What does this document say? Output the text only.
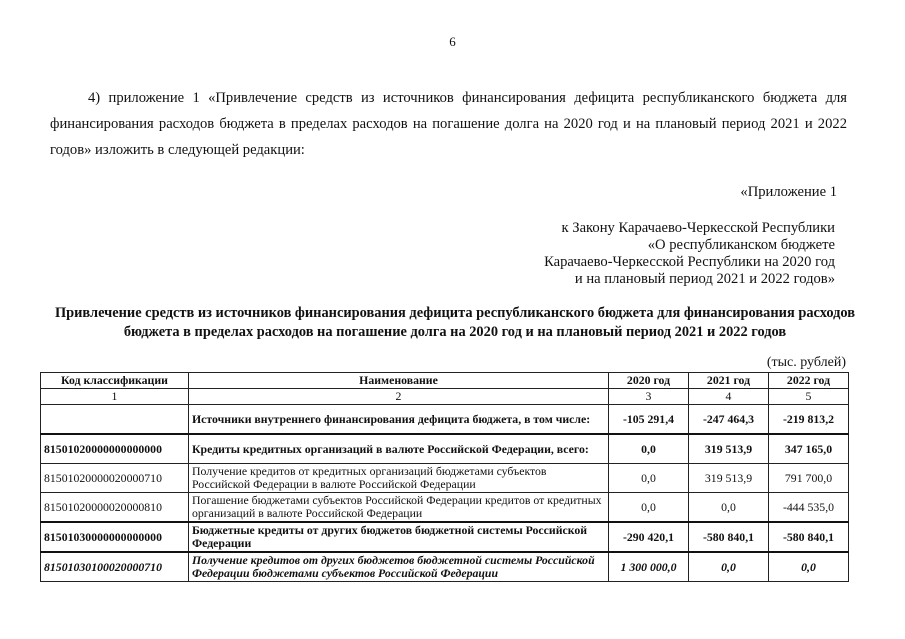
6

4) приложение 1 «Привлечение средств из источников финансирования дефицита республиканского бюджета для финансирования расходов бюджета в пределах расходов на погашение долга на 2020 год и на плановый период 2021 и 2022 годов» изложить в следующей редакции:

«Приложение 1
к Закону Карачаево-Черкесской Республики
«О республиканском бюджете
Карачаево-Черкесской Республики на 2020 год
и на плановый период 2021 и 2022 годов»
Привлечение средств из источников финансирования дефицита республиканского бюджета для финансирования расходов бюджета в пределах расходов на погашение долга на 2020 год и на плановый период 2021 и 2022 годов
(тыс. рублей)
Код классификации	Наименование	2020 год	2021 год	2022 год
1	2	3	4	5
	Источники внутреннего финансирования дефицита бюджета, в том числе:	-105 291,4	-247 464,3	-219 813,2
81501020000000000000	Кредиты кредитных организаций в валюте Российской Федерации, всего:	0,0	319 513,9	347 165,0
81501020000020000710	Получение кредитов от кредитных организаций бюджетами субъектов Российской Федерации в валюте Российской Федерации	0,0	319 513,9	791 700,0
81501020000020000810	Погашение бюджетами субъектов Российской Федерации кредитов от кредитных организаций в валюте Российской Федерации	0,0	0,0	-444 535,0
81501030000000000000	Бюджетные кредиты от других бюджетов бюджетной системы Российской Федерации	-290 420,1	-580 840,1	-580 840,1
81501030100020000710	Получение кредитов от других бюджетов бюджетной системы Российской Федерации бюджетами субъектов Российской Федерации	1 300 000,0	0,0	0,0
